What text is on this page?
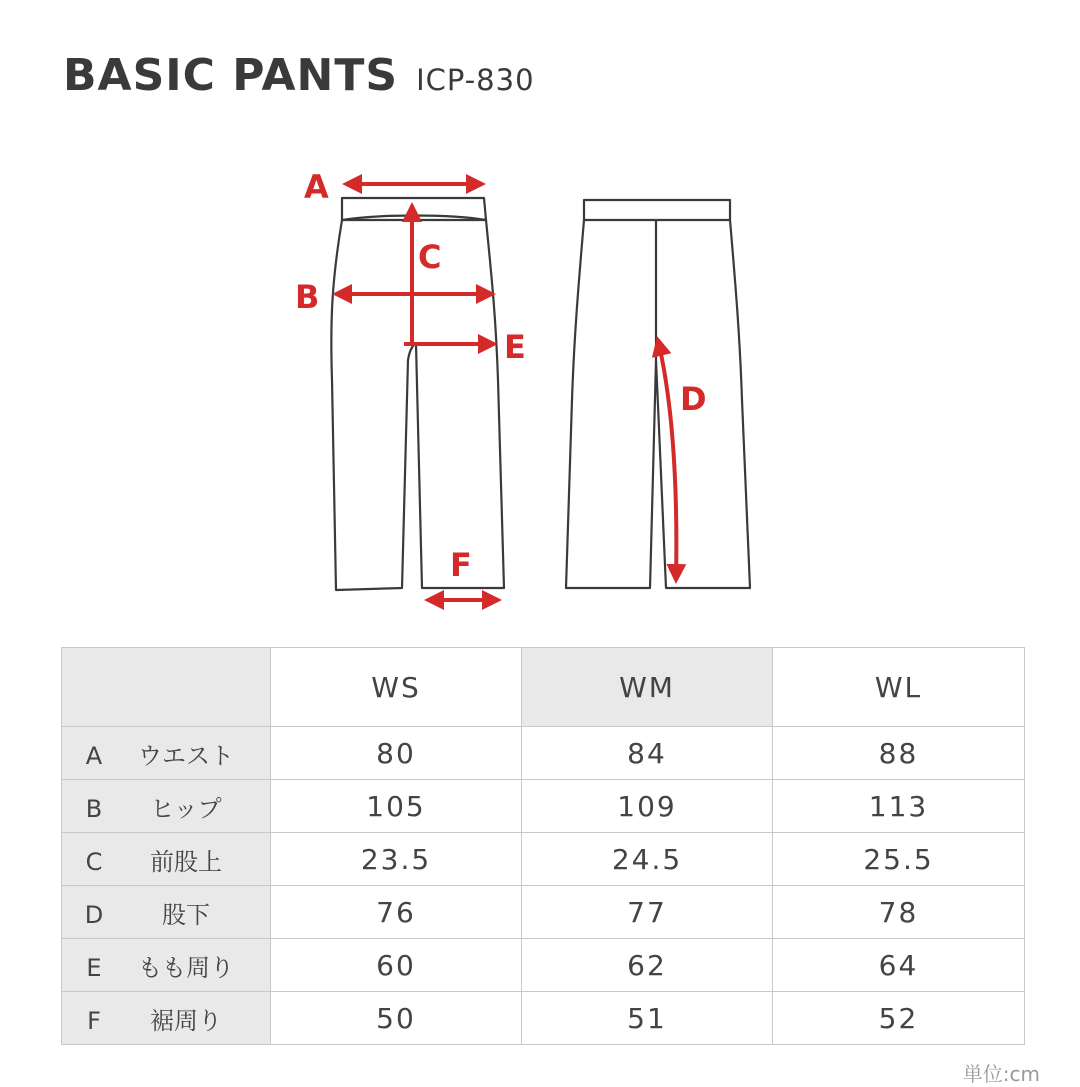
BASIC PANTS ICP-830
A
B
C
E
D
F
	WS	WM	WL
A ウエスト	80	84	88
B ヒップ	105	109	113
C 前股上	23.5	24.5	25.5
D 股下	76	77	78
E もも周り	60	62	64
F 裾周り	50	51	52
単位:cm
